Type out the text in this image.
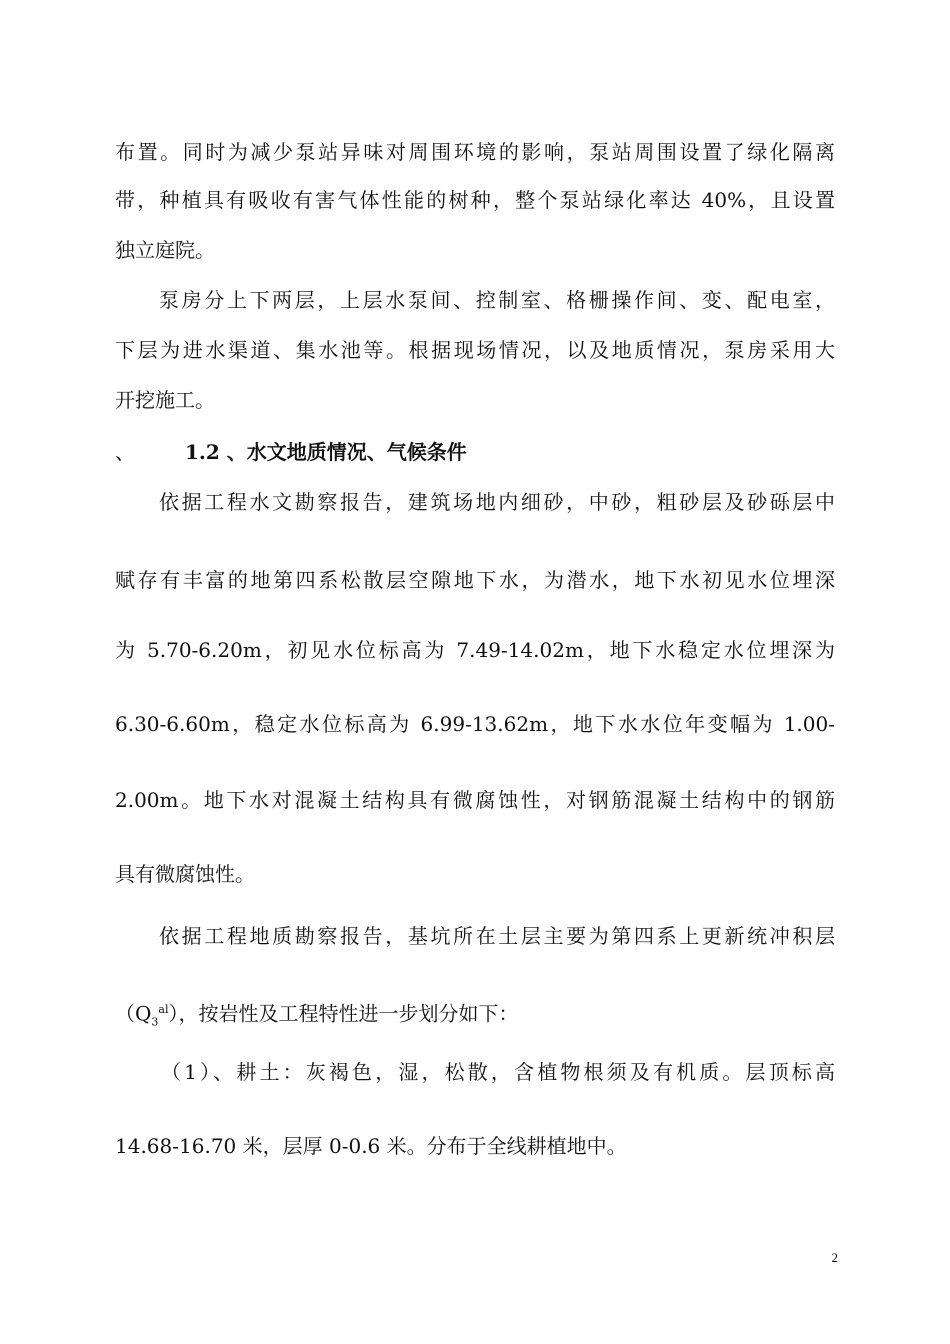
布置。同时为减少泵站异味对周围环境的影响，泵站周围设置了绿化隔离
带，种植具有吸收有害气体性能的树种，整个泵站绿化率达 40%，且设置
独立庭院。
泵房分上下两层，上层水泵间、控制室、格栅操作间、变、配电室，
下层为进水渠道、集水池等。根据现场情况，以及地质情况，泵房采用大
开挖施工。
、	1.2 、水文地质情况、气候条件
依据工程水文勘察报告，建筑场地内细砂，中砂，粗砂层及砂砾层中
赋存有丰富的地第四系松散层空隙地下水，为潜水，地下水初见水位埋深
为 5.70-6.20m，初见水位标高为 7.49-14.02m，地下水稳定水位埋深为
6.30-6.60m，稳定水位标高为 6.99-13.62m，地下水水位年变幅为 1.00-
2.00m。地下水对混凝土结构具有微腐蚀性，对钢筋混凝土结构中的钢筋
具有微腐蚀性。
依据工程地质勘察报告，基坑所在土层主要为第四系上更新统冲积层
$(Q_3^{al})$，按岩性及工程特性进一步划分如下：
（1）、耕土：灰褐色，湿，松散，含植物根须及有机质。层顶标高
14.68-16.70 米，层厚 0-0.6 米。分布于全线耕植地中。
2
